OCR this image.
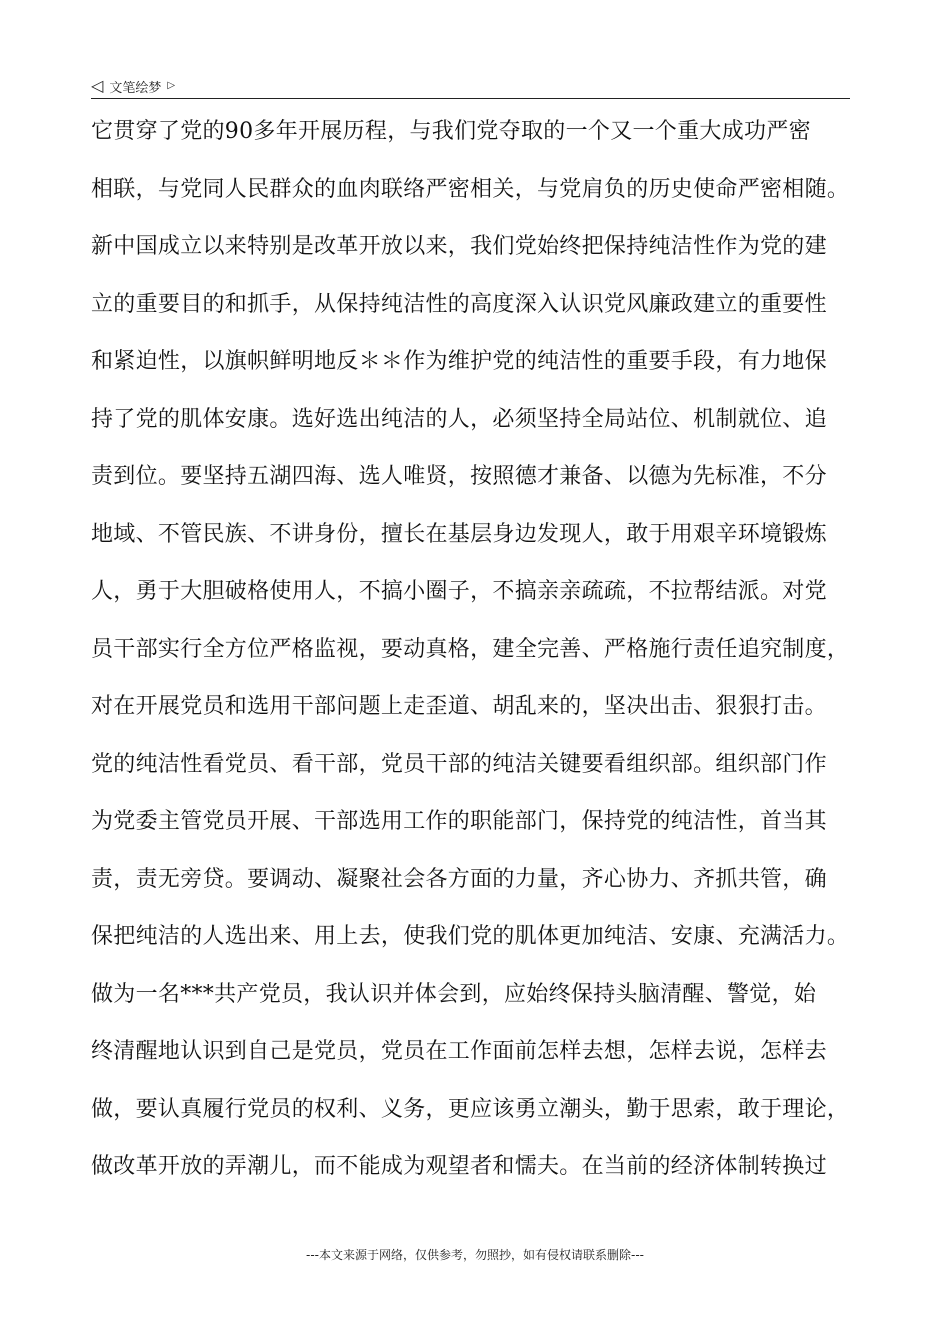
◁ 文笔绘梦 ▷
它贯穿了党的90多年开展历程，与我们党夺取的一个又一个重大成功严密
相联，与党同人民群众的血肉联络严密相关，与党肩负的历史使命严密相随。
新中国成立以来特别是改革开放以来，我们党始终把保持纯洁性作为党的建
立的重要目的和抓手，从保持纯洁性的高度深入认识党风廉政建立的重要性
和紧迫性，以旗帜鲜明地反＊＊作为维护党的纯洁性的重要手段，有力地保
持了党的肌体安康。选好选出纯洁的人，必须坚持全局站位、机制就位、追
责到位。要坚持五湖四海、选人唯贤，按照德才兼备、以德为先标准，不分
地域、不管民族、不讲身份，擅长在基层身边发现人，敢于用艰辛环境锻炼
人，勇于大胆破格使用人，不搞小圈子，不搞亲亲疏疏，不拉帮结派。对党
员干部实行全方位严格监视，要动真格，建全完善、严格施行责任追究制度，
对在开展党员和选用干部问题上走歪道、胡乱来的，坚决出击、狠狠打击。
党的纯洁性看党员、看干部，党员干部的纯洁关键要看组织部。组织部门作
为党委主管党员开展、干部选用工作的职能部门，保持党的纯洁性，首当其
责，责无旁贷。要调动、凝聚社会各方面的力量，齐心协力、齐抓共管，确
保把纯洁的人选出来、用上去，使我们党的肌体更加纯洁、安康、充满活力。
做为一名***共产党员，我认识并体会到，应始终保持头脑清醒、警觉，始
终清醒地认识到自己是党员，党员在工作面前怎样去想，怎样去说，怎样去
做，要认真履行党员的权利、义务，更应该勇立潮头，勤于思索，敢于理论，
做改革开放的弄潮儿，而不能成为观望者和懦夫。在当前的经济体制转换过
---本文来源于网络，仅供参考，勿照抄，如有侵权请联系删除---
